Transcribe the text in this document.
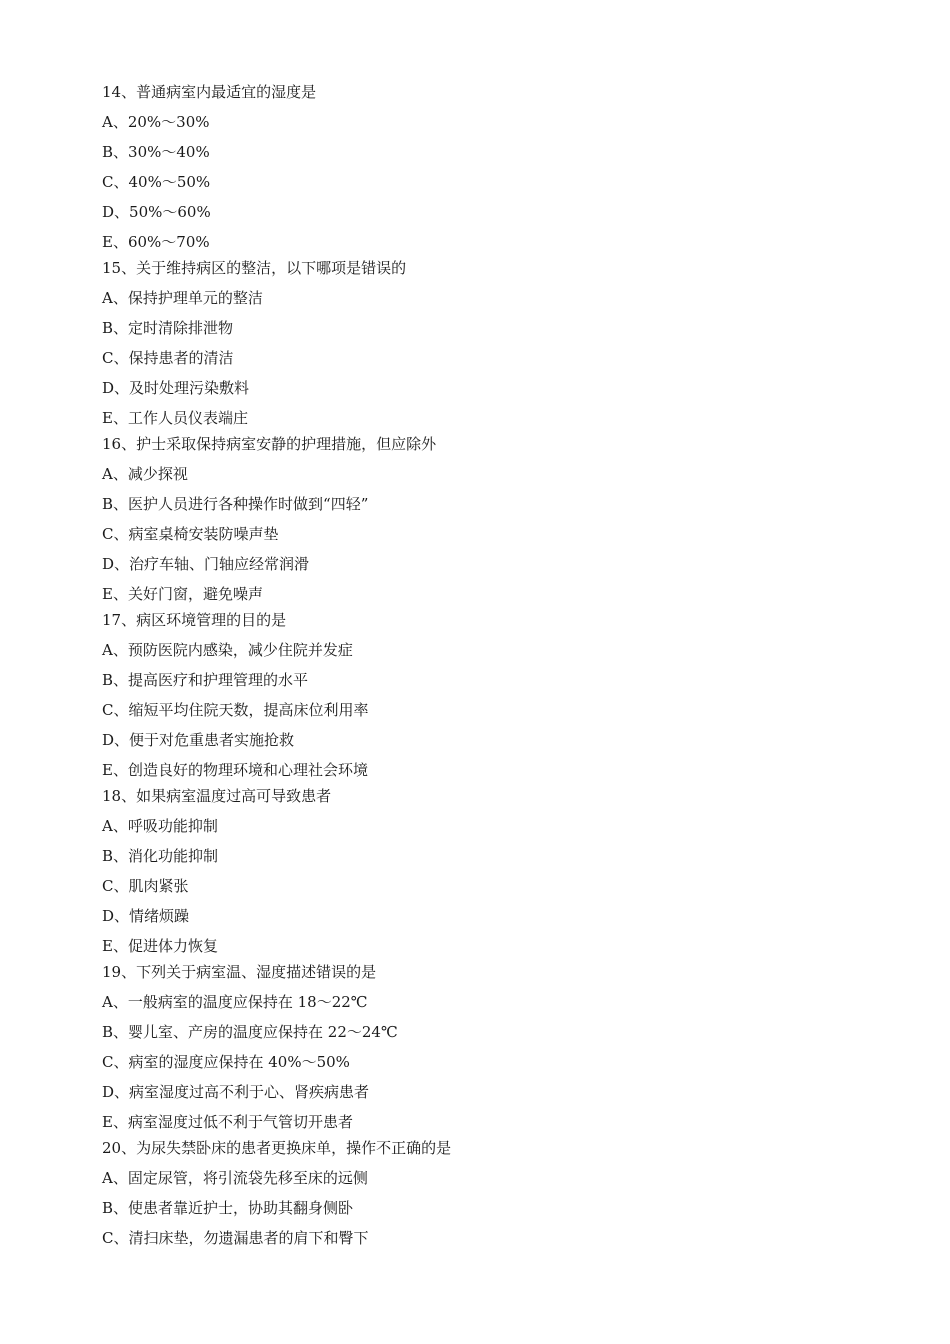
14、普通病室内最适宜的湿度是

A、20%～30%

B、30%～40%

C、40%～50%

D、50%～60%

E、60%～70%

15、关于维持病区的整洁，以下哪项是错误的

A、保持护理单元的整洁

B、定时清除排泄物

C、保持患者的清洁

D、及时处理污染敷料

E、工作人员仪表端庄

16、护士采取保持病室安静的护理措施，但应除外

A、减少探视

B、医护人员进行各种操作时做到“四轻”

C、病室桌椅安装防噪声垫

D、治疗车轴、门轴应经常润滑

E、关好门窗，避免噪声

17、病区环境管理的目的是

A、预防医院内感染，减少住院并发症

B、提高医疗和护理管理的水平

C、缩短平均住院天数，提高床位利用率

D、便于对危重患者实施抢救

E、创造良好的物理环境和心理社会环境

18、如果病室温度过高可导致患者

A、呼吸功能抑制

B、消化功能抑制

C、肌肉紧张

D、情绪烦躁

E、促进体力恢复

19、下列关于病室温、湿度描述错误的是

A、一般病室的温度应保持在 18～22℃

B、婴儿室、产房的温度应保持在 22～24℃

C、病室的湿度应保持在 40%～50%

D、病室湿度过高不利于心、肾疾病患者

E、病室湿度过低不利于气管切开患者

20、为尿失禁卧床的患者更换床单，操作不正确的是

A、固定尿管，将引流袋先移至床的远侧

B、使患者靠近护士，协助其翻身侧卧

C、清扫床垫，勿遗漏患者的肩下和臀下
